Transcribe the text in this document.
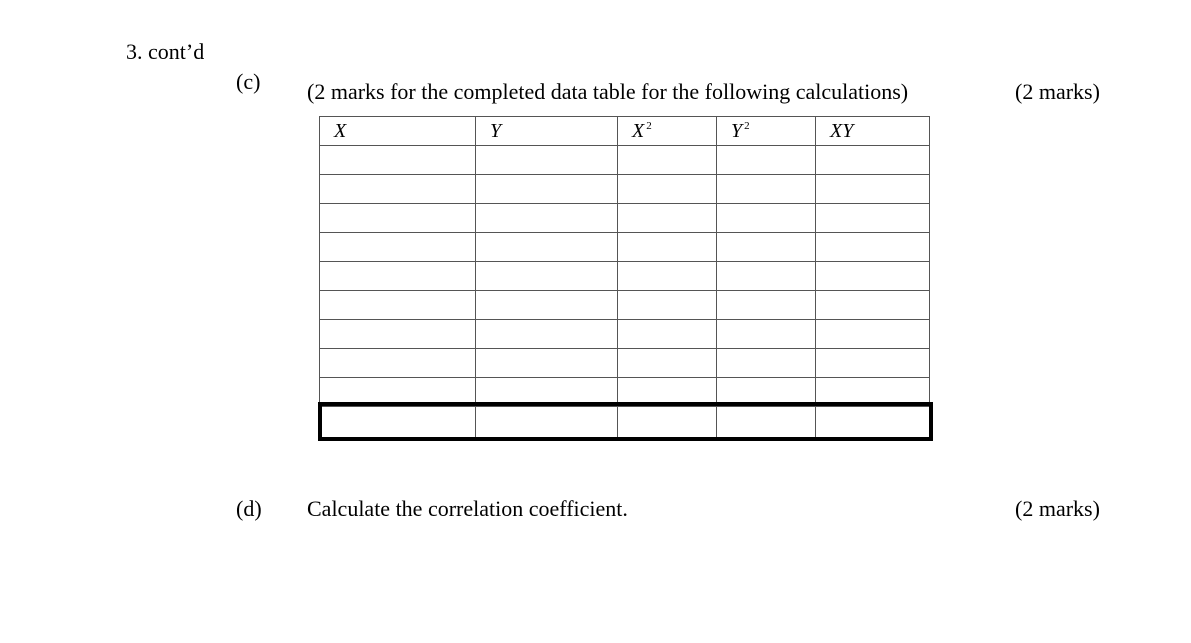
3. cont’d
(c) (2 marks for the completed data table for the following calculations)	(2 marks)
X	Y	X $^2$	Y $^2$	XY

(d) Calculate the correlation coefficient.	(2 marks)
